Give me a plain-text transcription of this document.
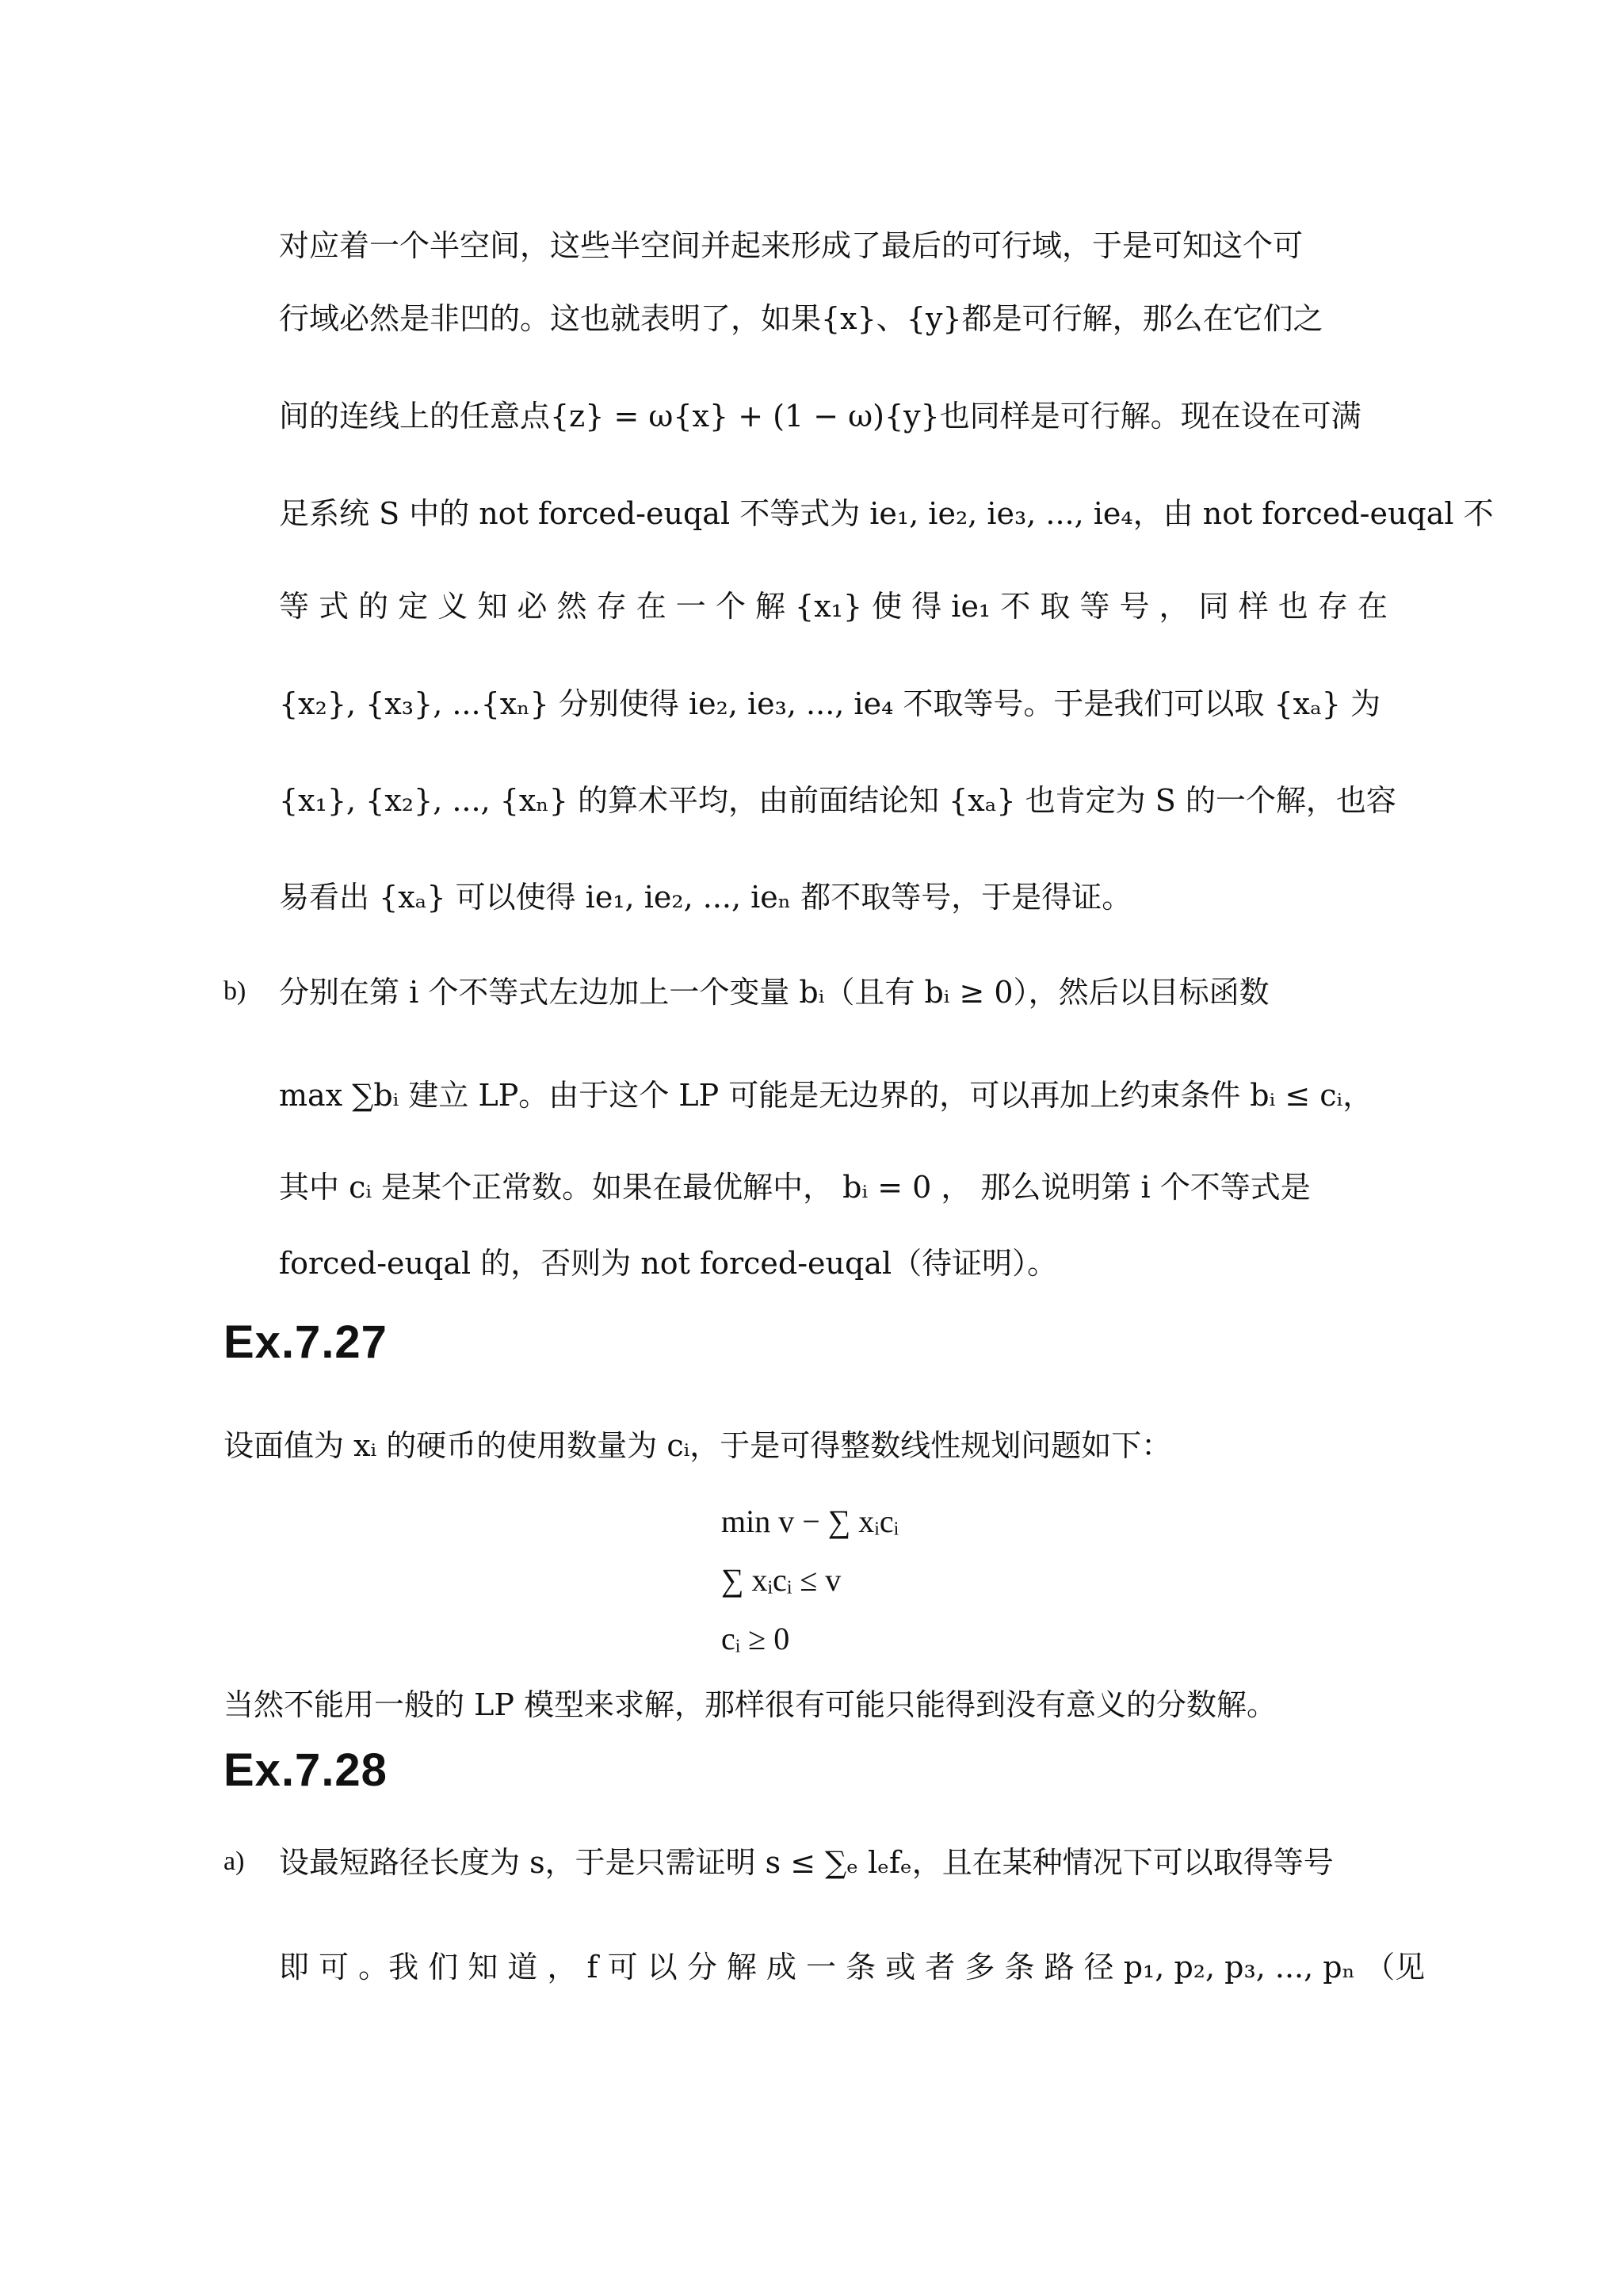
对应着一个半空间，这些半空间并起来形成了最后的可行域，于是可知这个可
行域必然是非凹的。这也就表明了，如果{x}、{y}都是可行解，那么在它们之
间的连线上的任意点{z} = ω{x} + (1 − ω){y}也同样是可行解。现在设在可满
足系统 S 中的 not forced-euqal 不等式为 ie₁, ie₂, ie₃, ..., ie₄，由 not forced-euqal 不
等 式 的 定 义 知 必 然 存 在 一 个 解 {x₁} 使 得 ie₁ 不 取 等 号 ， 同 样 也 存 在
{x₂}, {x₃}, ...{xₙ} 分别使得 ie₂, ie₃, ..., ie₄ 不取等号。于是我们可以取 {xₐ} 为
{x₁}, {x₂}, ..., {xₙ} 的算术平均，由前面结论知 {xₐ} 也肯定为 S 的一个解，也容
易看出 {xₐ} 可以使得 ie₁, ie₂, ..., ieₙ 都不取等号，于是得证。
b) 分别在第 i 个不等式左边加上一个变量 bᵢ（且有 bᵢ ≥ 0），然后以目标函数
max ∑bᵢ 建立 LP。由于这个 LP 可能是无边界的，可以再加上约束条件 bᵢ ≤ cᵢ，
其中 cᵢ 是某个正常数。如果在最优解中， bᵢ = 0 ， 那么说明第 i 个不等式是
forced-euqal 的，否则为 not forced-euqal（待证明）。
Ex.7.27
设面值为 xᵢ 的硬币的使用数量为 cᵢ，于是可得整数线性规划问题如下：
min v − ∑ xᵢcᵢ
∑ xᵢcᵢ ≤ v
cᵢ ≥ 0
当然不能用一般的 LP 模型来求解，那样很有可能只能得到没有意义的分数解。
Ex.7.28
a) 设最短路径长度为 s，于是只需证明 s ≤ ∑ₑ lₑfₑ，且在某种情况下可以取得等号
即 可 。我 们 知 道 ， f 可 以 分 解 成 一 条 或 者 多 条 路 径 p₁, p₂, p₃, ..., pₙ （见
